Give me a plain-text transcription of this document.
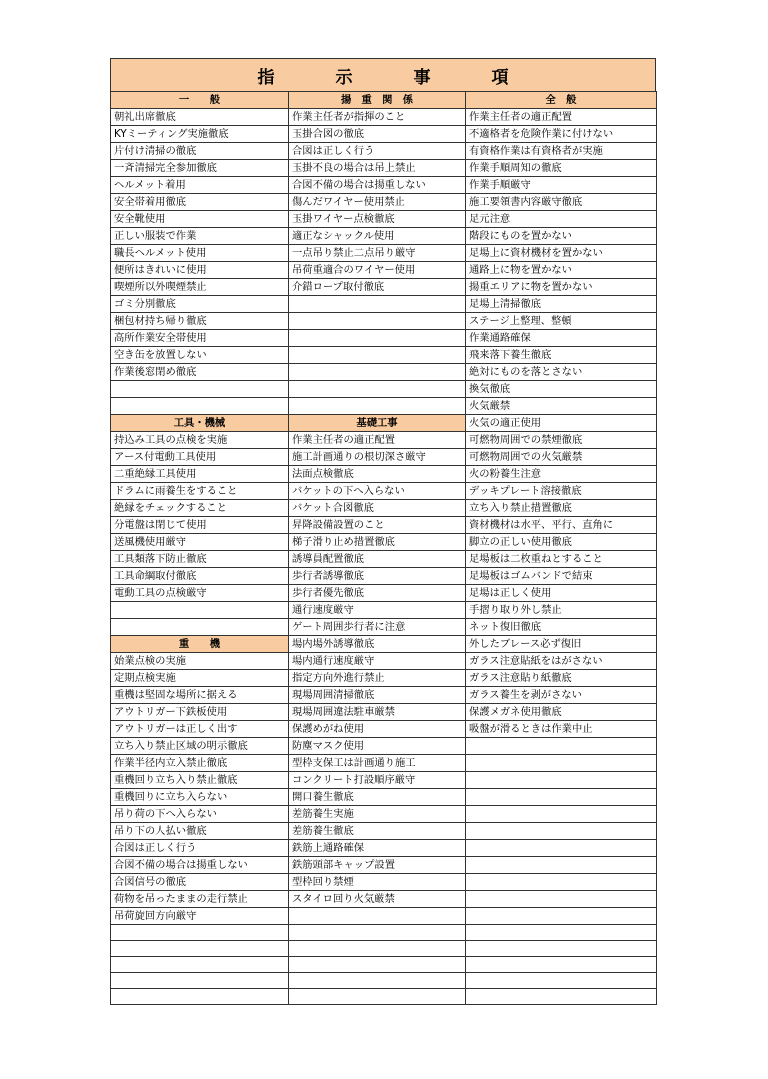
指　示　事　項
一　　般	揚　重　関　係	全　般
朝礼出席徹底	作業主任者が指揮のこと	作業主任者の適正配置
KYミーティング実施徹底	玉掛合図の徹底	不適格者を危険作業に付けない
片付け清掃の徹底	合図は正しく行う	有資格作業は有資格者が実施
一斉清掃完全参加徹底	玉掛不良の場合は吊上禁止	作業手順周知の徹底
ヘルメット着用	合図不備の場合は揚重しない	作業手順厳守
安全帯着用徹底	傷んだワイヤー使用禁止	施工要領書内容厳守徹底
安全靴使用	玉掛ワイヤー点検徹底	足元注意
正しい服装で作業	適正なシャックル使用	階段にものを置かない
職長ヘルメット使用	一点吊り禁止二点吊り厳守	足場上に資材機材を置かない
便所はきれいに使用	吊荷重適合のワイヤー使用	通路上に物を置かない
喫煙所以外喫煙禁止	介錯ロープ取付徹底	揚重エリアに物を置かない
ゴミ分別徹底		足場上清掃徹底
梱包材持ち帰り徹底		ステージ上整理、整頓
高所作業安全帯使用		作業通路確保
空き缶を放置しない		飛来落下養生徹底
作業後窓閉め徹底		絶対にものを落とさない
		換気徹底
		火気厳禁
工具・機械	基礎工事	火気の適正使用
持込み工具の点検を実施	作業主任者の適正配置	可燃物周囲での禁煙徹底
アース付電動工具使用	施工計画通りの根切深さ厳守	可燃物周囲での火気厳禁
二重絶縁工具使用	法面点検徹底	火の粉養生注意
ドラムに雨養生をすること	バケットの下へ入らない	デッキプレート溶接徹底
絶縁をチェックすること	バケット合図徹底	立ち入り禁止措置徹底
分電盤は閉じて使用	昇降設備設置のこと	資材機材は水平、平行、直角に
送風機使用厳守	梯子滑り止め措置徹底	脚立の正しい使用徹底
工具類落下防止徹底	誘導員配置徹底	足場板は二枚重ねとすること
工具命綱取付徹底	歩行者誘導徹底	足場板はゴムバンドで結束
電動工具の点検厳守	歩行者優先徹底	足場は正しく使用
	通行速度厳守	手摺り取り外し禁止
	ゲート周囲歩行者に注意	ネット復旧徹底
重　　機	場内場外誘導徹底	外したブレース必ず復旧
始業点検の実施	場内通行速度厳守	ガラス注意貼紙をはがさない
定期点検実施	指定方向外進行禁止	ガラス注意貼り紙徹底
重機は堅固な場所に据える	現場周囲清掃徹底	ガラス養生を剥がさない
アウトリガー下鉄板使用	現場周囲違法駐車厳禁	保護メガネ使用徹底
アウトリガーは正しく出す	保護めがね使用	吸盤が滑るときは作業中止
立ち入り禁止区域の明示徹底	防塵マスク使用	
作業半径内立入禁止徹底	型枠支保工は計画通り施工	
重機回り立ち入り禁止徹底	コンクリート打設順序厳守	
重機回りに立ち入らない	開口養生徹底	
吊り荷の下へ入らない	差筋養生実施	
吊り下の人払い徹底	差筋養生徹底	
合図は正しく行う	鉄筋上通路確保	
合図不備の場合は揚重しない	鉄筋頭部キャップ設置	
合図信号の徹底	型枠回り禁煙	
荷物を吊ったままの走行禁止	スタイロ回り火気厳禁	
吊荷旋回方向厳守		
